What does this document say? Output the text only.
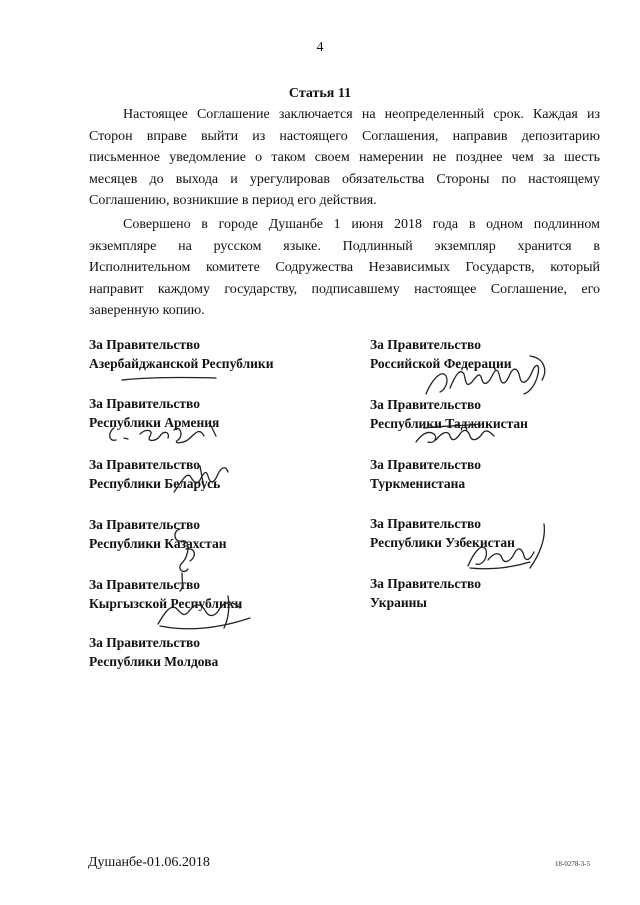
4
Статья 11
Настоящее Соглашение заключается на неопределенный срок. Каждая из
Сторон вправе выйти из настоящего Соглашения, направив депозитарию
письменное уведомление о таком своем намерении не позднее чем за шесть
месяцев до выхода и урегулировав обязательства Стороны по настоящему
Соглашению, возникшие в период его действия.
Совершено в городе Душанбе 1 июня 2018 года в одном подлинном
экземпляре на русском языке. Подлинный экземпляр хранится в
Исполнительном комитете Содружества Независимых Государств, который
направит каждому государству, подписавшему настоящее Соглашение, его
заверенную копию.
За Правительство
Азербайджанской Республики
За Правительство
Республики Армения
За Правительство
Республики Беларусь
За Правительство
Республики Казахстан
За Правительство
Кыргызской Республики
За Правительство
Республики Молдова
За Правительство
Российской Федерации
За Правительство
Республики Таджикистан
За Правительство
Туркменистана
За Правительство
Республики Узбекистан
За Правительство
Украины
Душанбе-01.06.2018	18-0278-3-5
